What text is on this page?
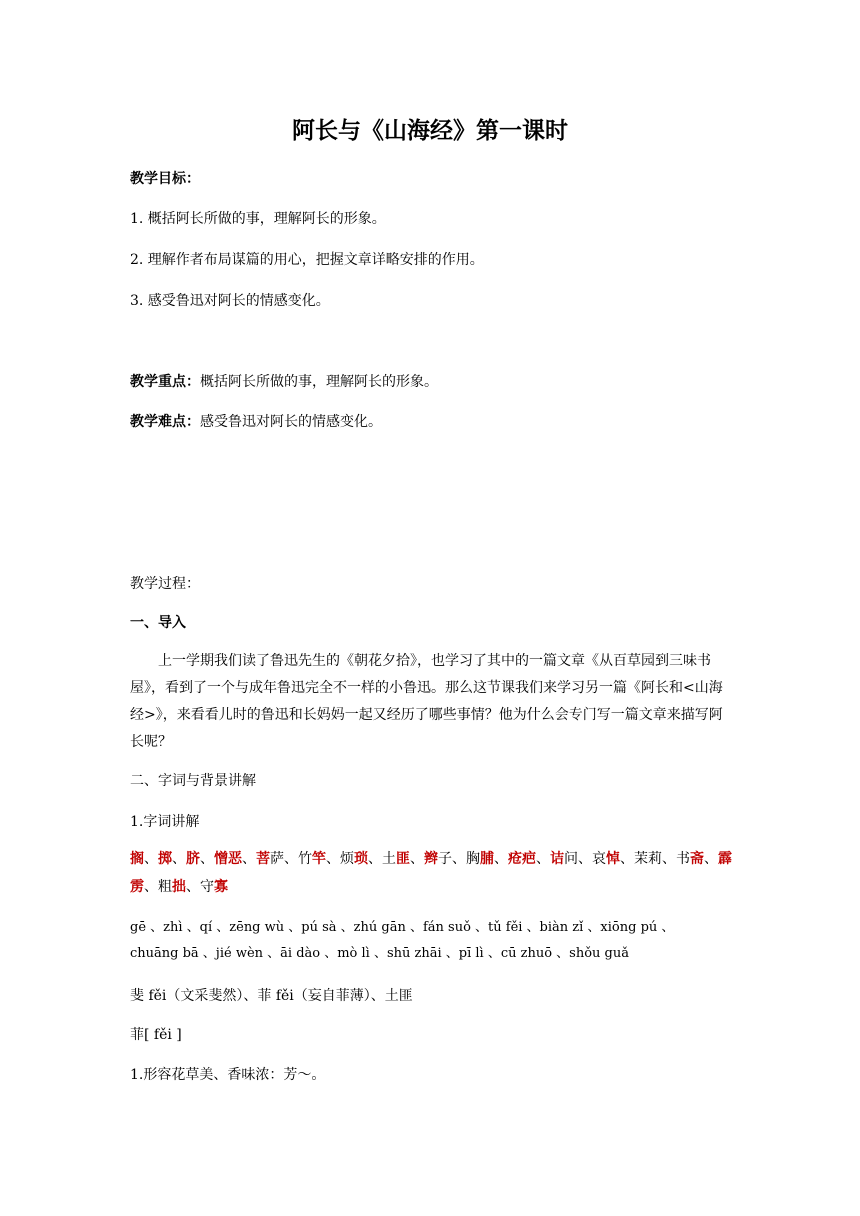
阿长与《山海经》第一课时
教学目标：
1. 概括阿长所做的事，理解阿长的形象。
2. 理解作者布局谋篇的用心，把握文章详略安排的作用。
3. 感受鲁迅对阿长的情感变化。
教学重点：概括阿长所做的事，理解阿长的形象。
教学难点：感受鲁迅对阿长的情感变化。
教学过程：
一、导入
上一学期我们读了鲁迅先生的《朝花夕拾》，也学习了其中的一篇文章《从百草园到三味书屋》，看到了一个与成年鲁迅完全不一样的小鲁迅。那么这节课我们来学习另一篇《阿长和<山海经>》，来看看儿时的鲁迅和长妈妈一起又经历了哪些事情？他为什么会专门写一篇文章来描写阿长呢？
二、字词与背景讲解
1.字词讲解
搁、掷、脐、憎恶、菩萨、竹竿、烦琐、土匪、辫子、胸脯、疮疤、诘问、哀悼、茉莉、书斋、霹雳、粗拙、守寡
gē 、zhì 、qí 、zēng wù 、pú sà 、zhú gān 、fán suǒ 、tǔ fěi 、biàn zǐ 、xiōng pú 、
chuāng bā 、jié wèn 、āi dào 、mò lì 、shū zhāi 、pī lì 、cū zhuō 、shǒu guǎ
斐 fěi（文采斐然）、菲 fěi（妄自菲薄）、土匪
菲[ fěi ]
1.形容花草美、香味浓：芳～。
